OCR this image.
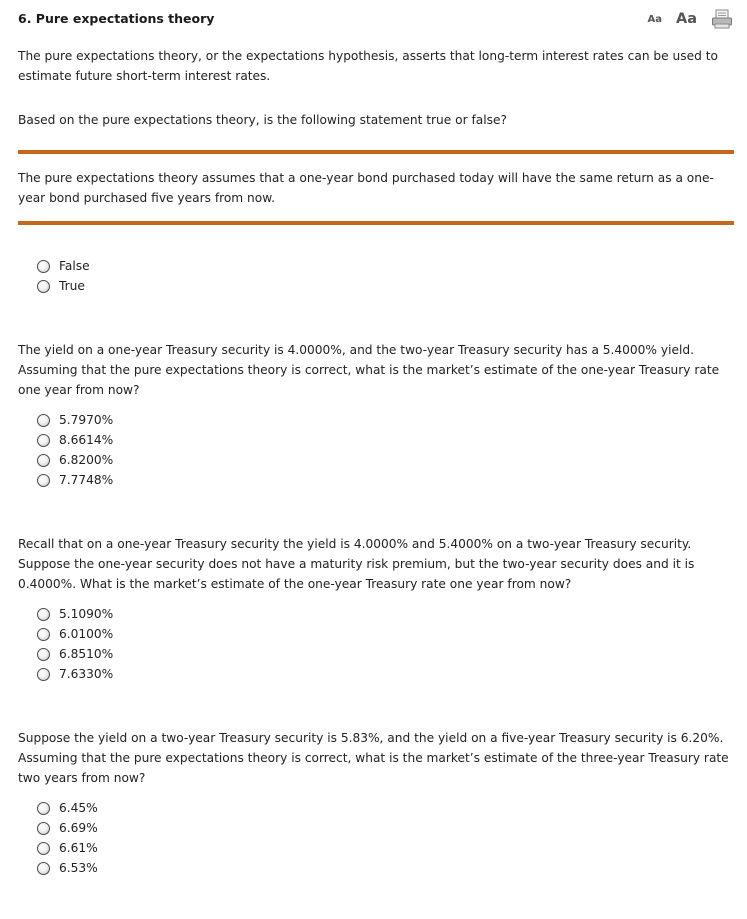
6. Pure expectations theory	Aa Aa

The pure expectations theory, or the expectations hypothesis, asserts that long-term interest rates can be used to estimate future short-term interest rates.

Based on the pure expectations theory, is the following statement true or false?

The pure expectations theory assumes that a one-year bond purchased today will have the same return as a one-year bond purchased five years from now.

False
True

The yield on a one-year Treasury security is 4.0000%, and the two-year Treasury security has a 5.4000% yield. Assuming that the pure expectations theory is correct, what is the market’s estimate of the one-year Treasury rate one year from now?

5.7970%
8.6614%
6.8200%
7.7748%

Recall that on a one-year Treasury security the yield is 4.0000% and 5.4000% on a two-year Treasury security. Suppose the one-year security does not have a maturity risk premium, but the two-year security does and it is 0.4000%. What is the market’s estimate of the one-year Treasury rate one year from now?

5.1090%
6.0100%
6.8510%
7.6330%

Suppose the yield on a two-year Treasury security is 5.83%, and the yield on a five-year Treasury security is 6.20%. Assuming that the pure expectations theory is correct, what is the market’s estimate of the three-year Treasury rate two years from now?

6.45%
6.69%
6.61%
6.53%
